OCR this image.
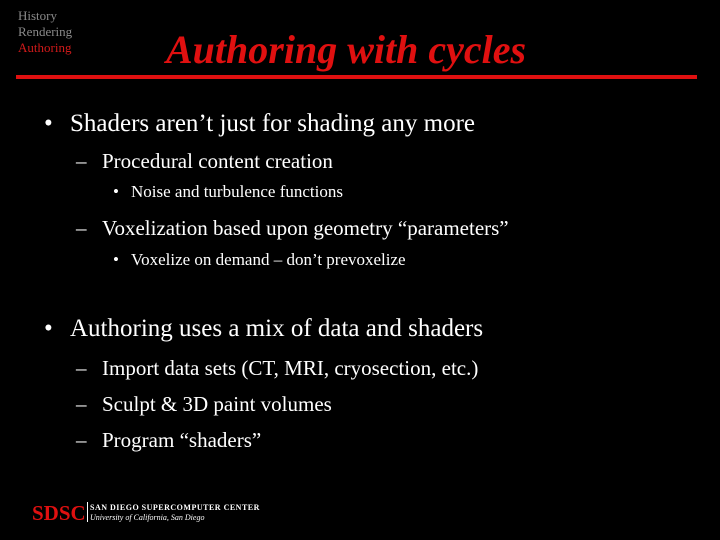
History
Rendering
Authoring Authoring with cycles
• Shaders aren’t just for shading any more
– Procedural content creation
• Noise and turbulence functions
– Voxelization based upon geometry “parameters”
• Voxelize on demand – don’t prevoxelize
• Authoring uses a mix of data and shaders
– Import data sets (CT, MRI, cryosection, etc.)
– Sculpt & 3D paint volumes
– Program “shaders”
SDSC SAN DIEGO SUPERCOMPUTER CENTER
University of California, San Diego
